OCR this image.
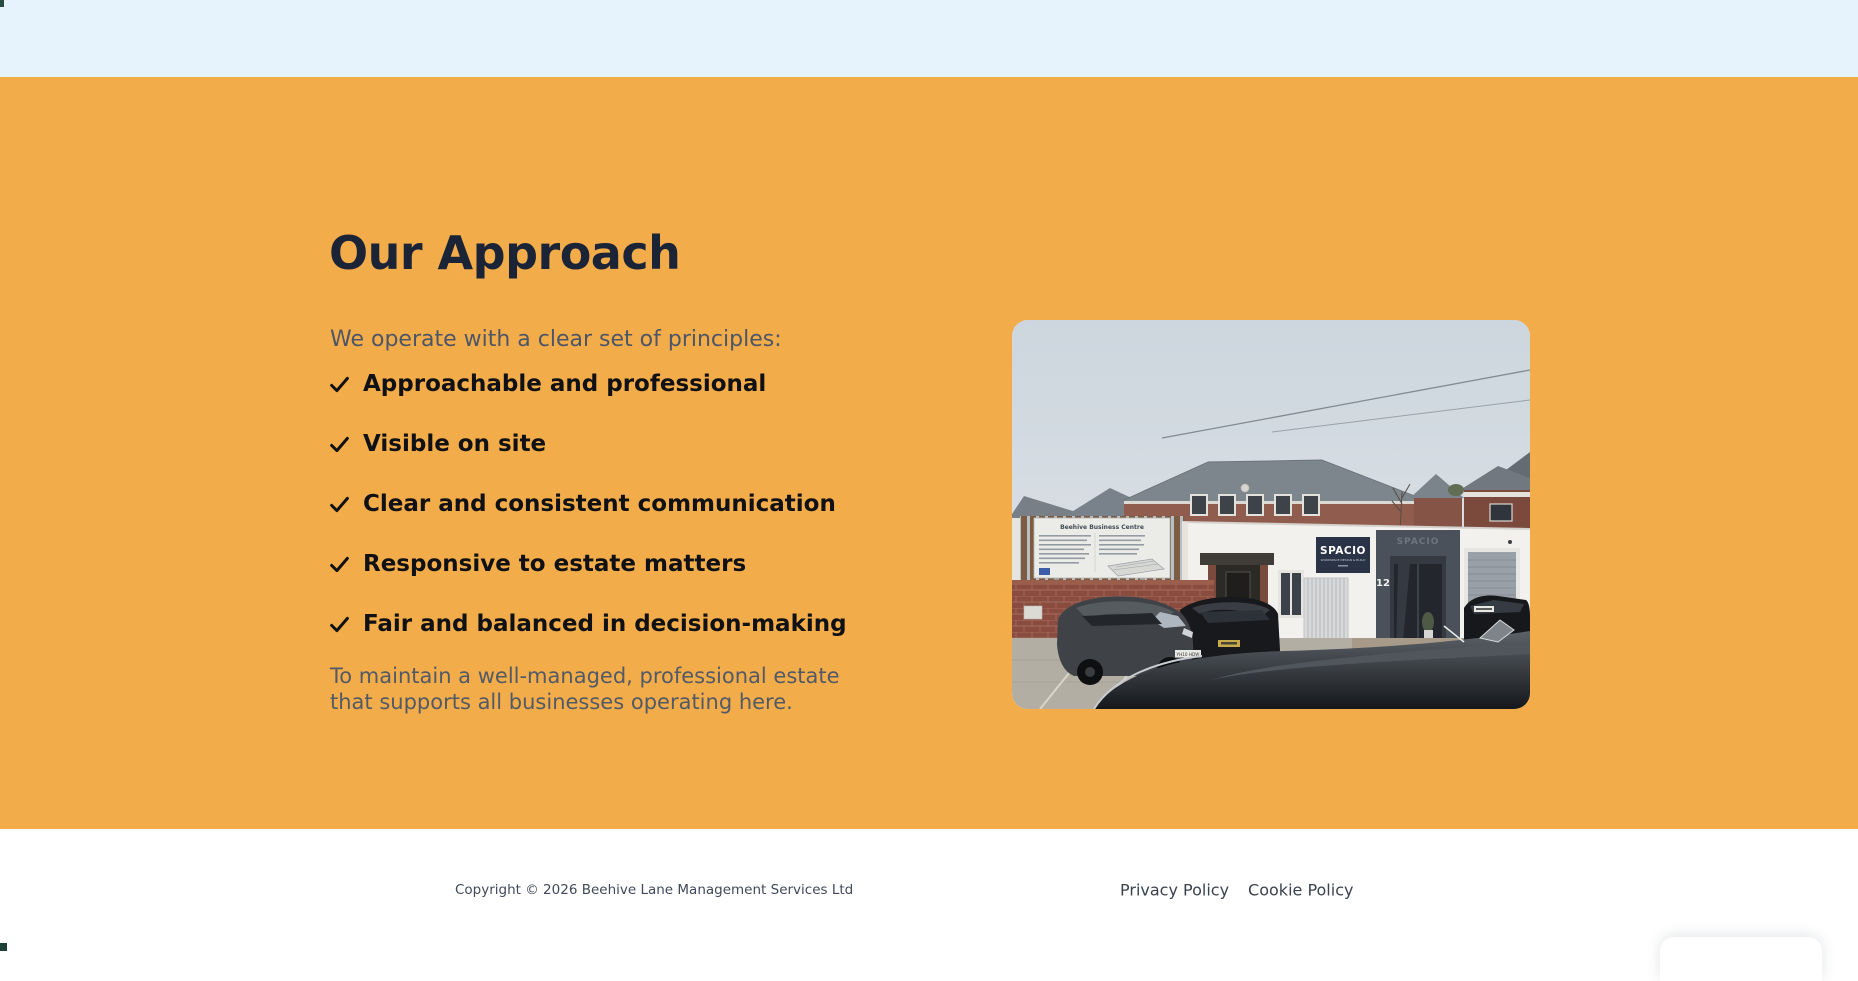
Our Approach

We operate with a clear set of principles:

Approachable and professional
Visible on site
Clear and consistent communication
Responsive to estate matters
Fair and balanced in decision-making
To maintain a well-managed, professional estate
that supports all businesses operating here.
Beehive Business Centre
SPACIO
WORKSPACE DESIGN & BUILD
SPACIO
12
YH10 HDW
Copyright © 2026 Beehive Lane Management Services Ltd	Privacy Policy Cookie Policy
